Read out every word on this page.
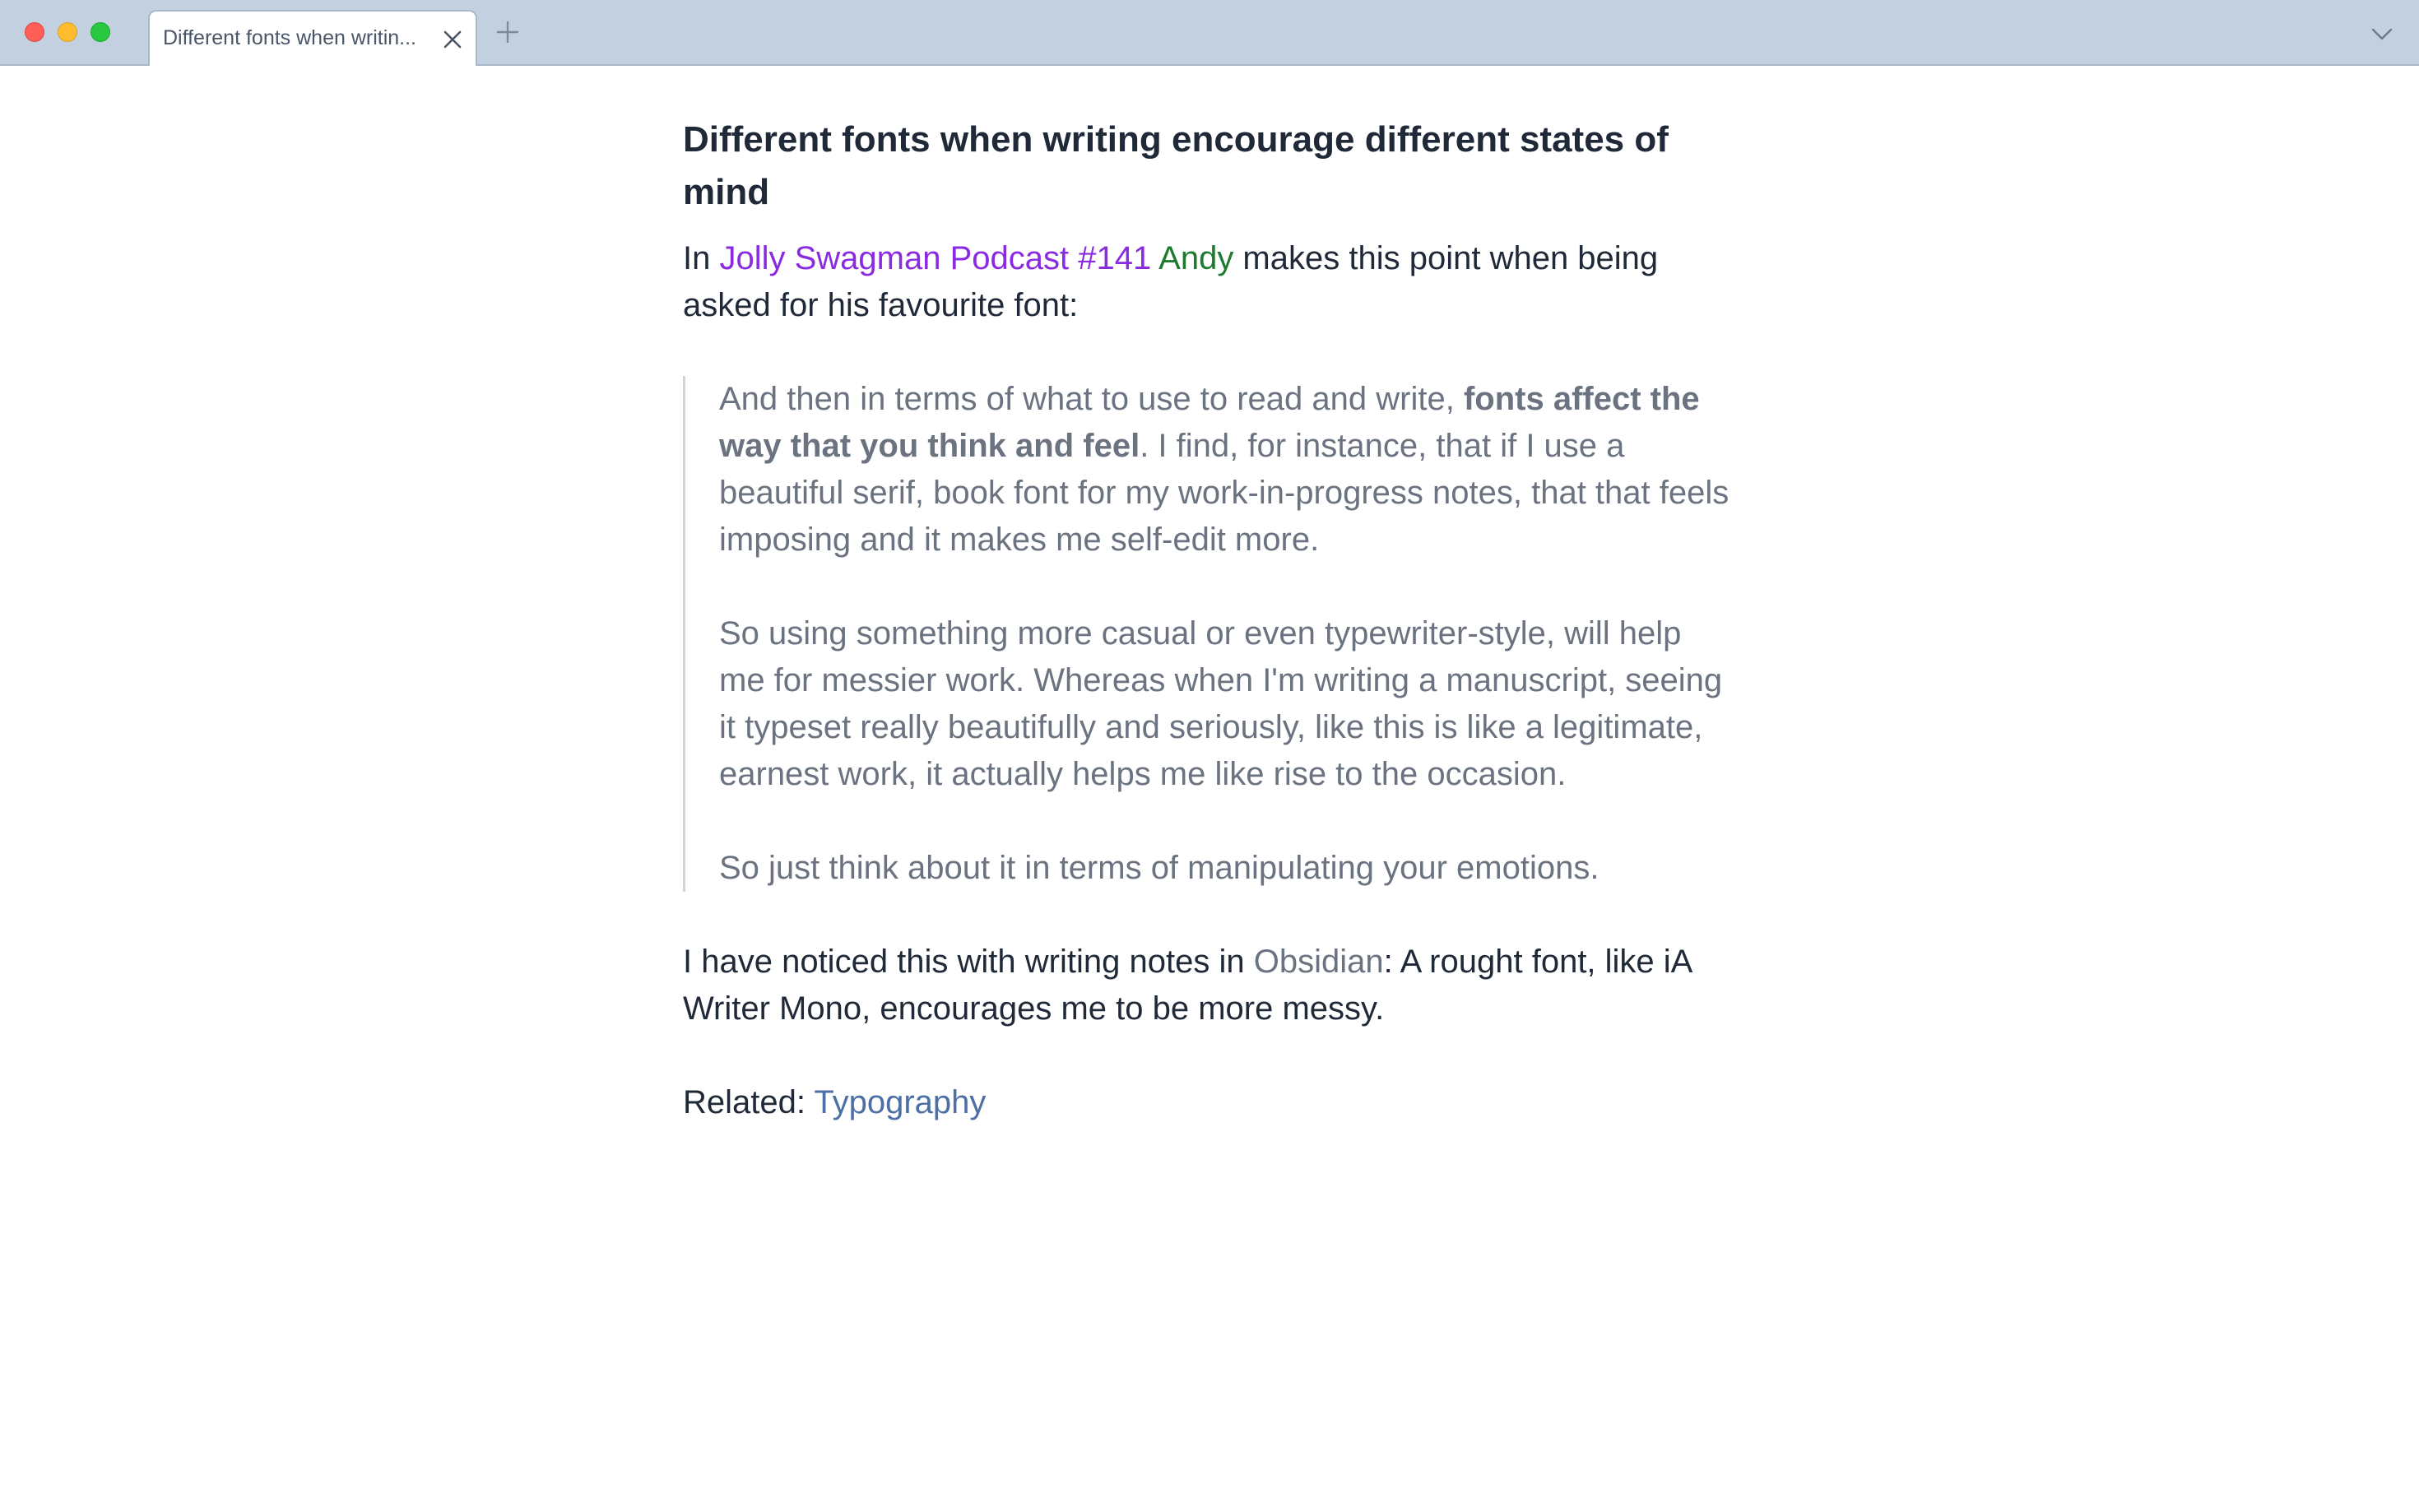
Different fonts when writin...
Different fonts when writing encourage different states of mind

In Jolly Swagman Podcast #141 Andy makes this point when being asked for his favourite font:

And then in terms of what to use to read and write, fonts affect the way that you think and feel. I find, for instance, that if I use a beautiful serif, book font for my work-in-progress notes, that that feels imposing and it makes me self-edit more.

So using something more casual or even typewriter-style, will help me for messier work. Whereas when I'm writing a manuscript, seeing it typeset really beautifully and seriously, like this is like a legitimate, earnest work, it actually helps me like rise to the occasion.

So just think about it in terms of manipulating your emotions.

I have noticed this with writing notes in Obsidian: A rought font, like iA Writer Mono, encourages me to be more messy.

Related: Typography
